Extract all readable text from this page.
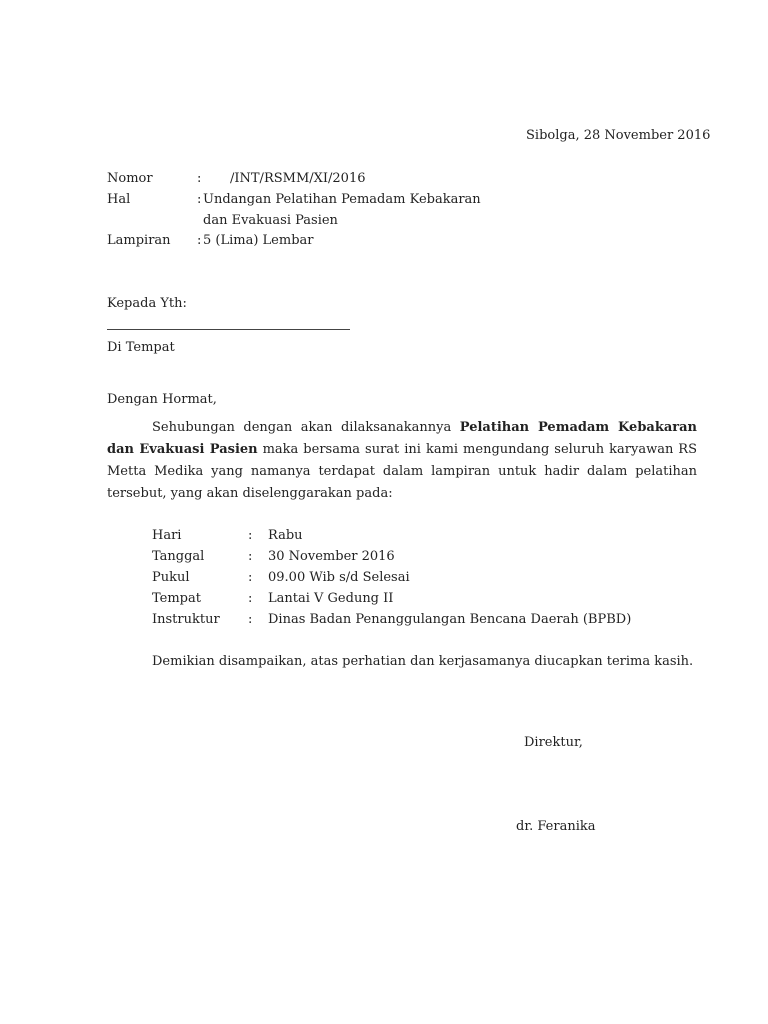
Sibolga, 28 November 2016
Nomor	: /INT/RSMM/XI/2016
Hal	: Undangan Pelatihan Pemadam Kebakaran
dan Evakuasi Pasien
Lampiran : 5 (Lima) Lembar
Kepada Yth:
Di Tempat
Dengan Hormat,
Sehubungan dengan akan dilaksanakannya Pelatihan Pemadam Kebakaran dan Evakuasi Pasien maka bersama surat ini kami mengundang seluruh karyawan RS Metta Medika yang namanya terdapat dalam lampiran untuk hadir dalam pelatihan tersebut, yang akan diselenggarakan pada:
Hari	: Rabu
Tanggal	: 30 November 2016
Pukul	: 09.00 Wib s/d Selesai
Tempat	: Lantai V Gedung II
Instruktur : Dinas Badan Penanggulangan Bencana Daerah (BPBD)
Demikian disampaikan, atas perhatian dan kerjasamanya diucapkan terima kasih.
Direktur,
dr. Feranika
